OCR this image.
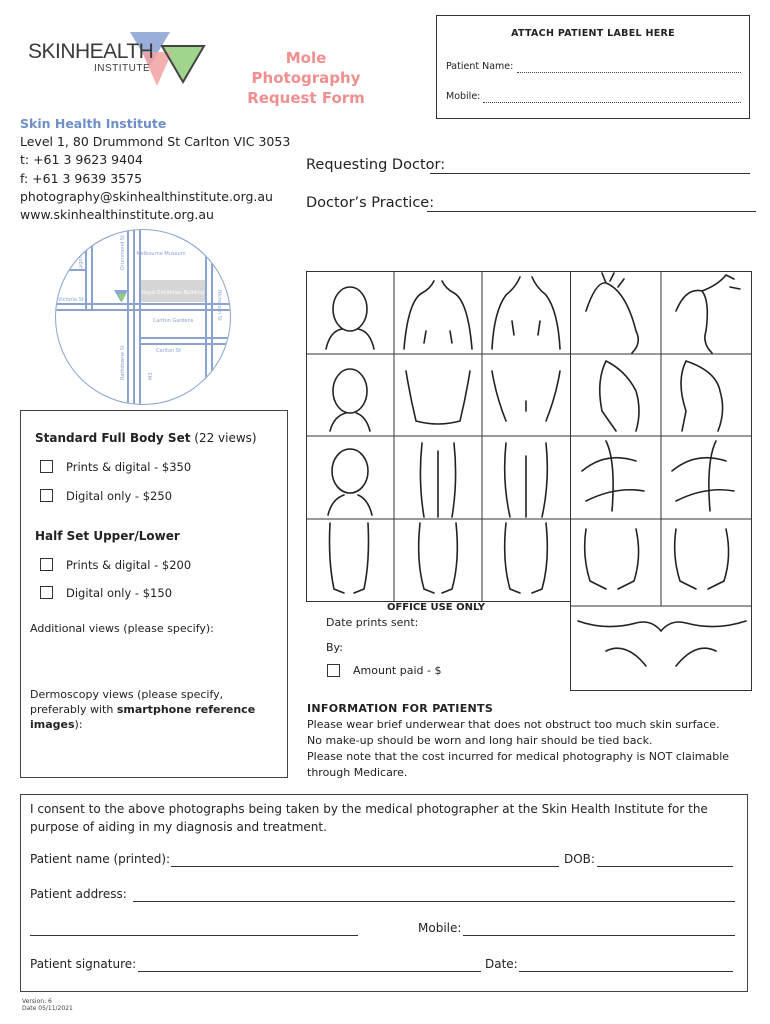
SKINHEALTH
INSTITUTE
Mole Photography Request Form
ATTACH PATIENT LABEL HERE
Patient Name:
Mobile:
Skin Health Institute
Level 1, 80 Drummond St Carlton VIC 3053
t: +61 3 9623 9404
f: +61 3 9639 3575
photography@skinhealthinstitute.org.au
www.skinhealthinstitute.org.au
Requesting Doctor:
Doctor’s Practice:
Melbourne Museum
Royal Exhibition Building
Carlton Gardens
Victoria St
Carlton St
Lygon St	Drummond St
Nicholson St
Rathdowne St	M3
Standard Full Body Set (22 views)
Prints & digital - $350
Digital only - $250
Half Set Upper/Lower
Prints & digital - $200
Digital only - $150
Additional views (please specify):
Dermoscopy views (please specify,
preferably with smartphone reference
images):
OFFICE USE ONLY
Date prints sent:
By:
Amount paid - $
INFORMATION FOR PATIENTS
Please wear brief underwear that does not obstruct too much skin surface.
No make-up should be worn and long hair should be tied back.
Please note that the cost incurred for medical photography is NOT claimable
through Medicare.
I consent to the above photographs being taken by the medical photographer at the Skin Health Institute for the purpose of aiding in my diagnosis and treatment.
Patient name (printed):	DOB:
Patient address:
Mobile:
Patient signature:	Date:
Version: 6
Date 05/11/2021
